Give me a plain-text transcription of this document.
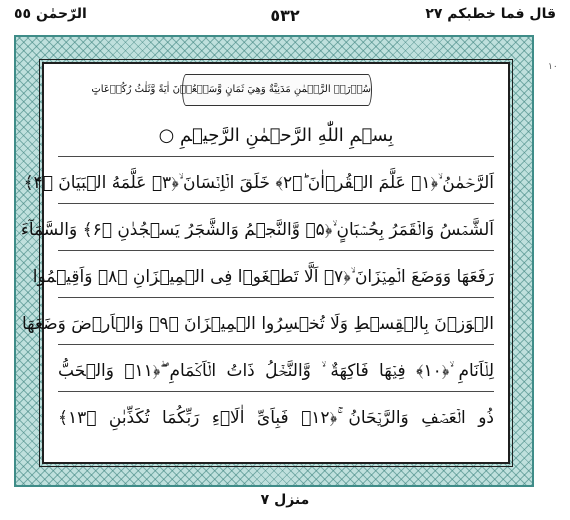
قال فما خطبكم ٢٧
٥٣٢
الرّحمٰن ٥٥
١٠
سُوۡرَۃُ الرَّحۡمٰنِ مَدَنِيَّةٌ وَهِيَ ثَمَانٍ وَّسَبۡعُوۡنَ اٰيَةً وَّثَلٰثُ رُكُوۡعَاتٍ
بِسۡمِ اللّٰهِ الرَّحۡمٰنِ الرَّحِيۡمِ ○
اَلرَّحۡمٰنُ ۙ﴿۱﴾ عَلَّمَ الۡقُرۡاٰنَ ؕ﴿۲﴾ خَلَقَ الۡاِنۡسَانَ ۙ﴿۳﴾ عَلَّمَهُ الۡبَيَانَ ﴿۴﴾
اَلشَّمۡسُ وَالۡقَمَرُ بِحُسۡبَانٍ ۙ﴿۵﴾ وَّالنَّجۡمُ وَالشَّجَرُ يَسۡجُدٰنِ ﴿۶﴾ وَالسَّمَآءَ
رَفَعَهَا وَوَضَعَ الۡمِيۡزَانَ ۙ﴿۷﴾ اَلَّا تَطۡغَوۡا فِى الۡمِيۡزَانِ ﴿۸﴾ وَاَقِيۡمُوا
الۡوَزۡنَ بِالۡقِسۡطِ وَلَا تُخۡسِرُوا الۡمِيۡزَانَ ﴿۹﴾ وَالۡاَرۡضَ وَضَعَهَا
لِلۡاَنَامِ ۙ﴿۱۰﴾ فِيۡهَا فَاكِهَةٌ ۙ وَّالنَّخۡلُ ذَاتُ الۡاَكۡمَامِ ۖ﴿۱۱﴾ وَالۡحَبُّ
ذُو الۡعَصۡفِ وَالرَّيۡحَانُ ۚ﴿۱۲﴾ فَبِاَىِّ اٰلَاۤءِ رَبِّكُمَا تُكَذِّبٰنِ ﴿۱۳﴾
منزل ٧
